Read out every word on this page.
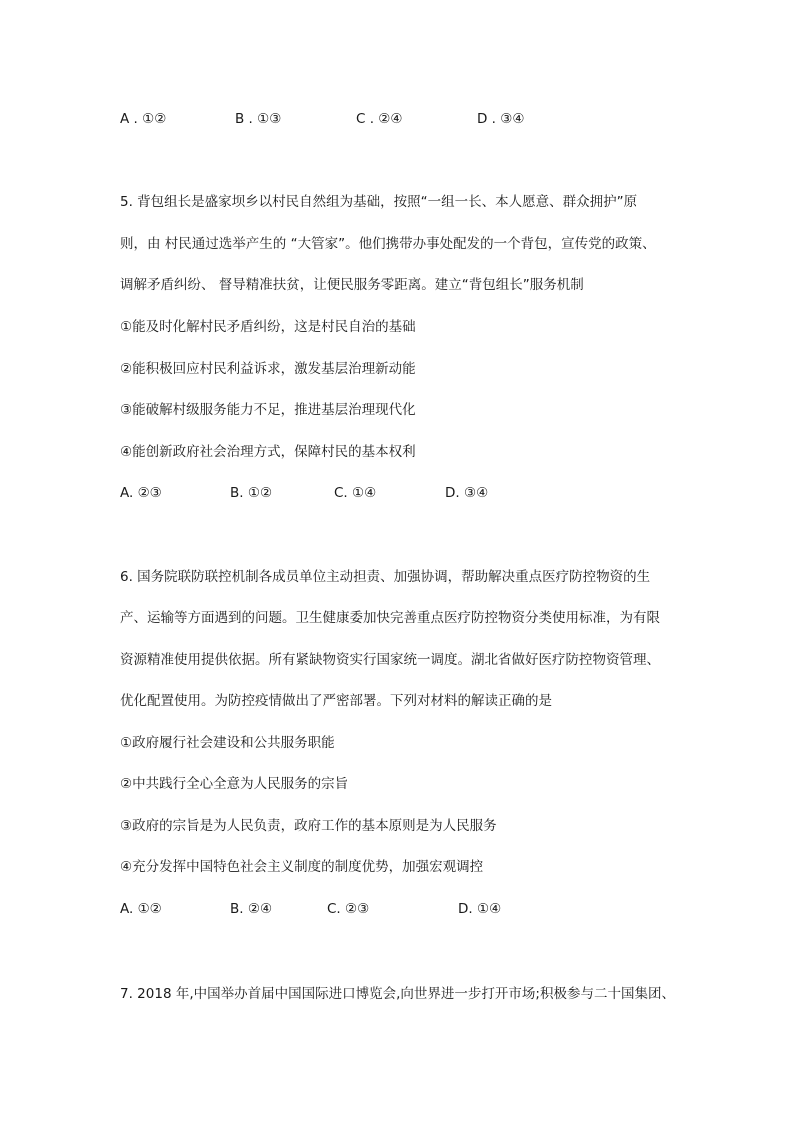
A . ①②	B . ①③	C . ②④	D . ③④
5. 背包组长是盛家坝乡以村民自然组为基础，按照“一组一长、本人愿意、群众拥护”原
则，由 村民通过选举产生的 “大管家”。他们携带办事处配发的一个背包，宣传党的政策、
调解矛盾纠纷、 督导精准扶贫，让便民服务零距离。建立“背包组长”服务机制
①能及时化解村民矛盾纠纷，这是村民自治的基础
②能积极回应村民利益诉求，激发基层治理新动能
③能破解村级服务能力不足，推进基层治理现代化
④能创新政府社会治理方式，保障村民的基本权利
A. ②③	B. ①②	C. ①④	D. ③④
6. 国务院联防联控机制各成员单位主动担责、加强协调，帮助解决重点医疗防控物资的生
产、运输等方面遇到的问题。卫生健康委加快完善重点医疗防控物资分类使用标准，为有限
资源精准使用提供依据。所有紧缺物资实行国家统一调度。湖北省做好医疗防控物资管理、
优化配置使用。为防控疫情做出了严密部署。下列对材料的解读正确的是
①政府履行社会建设和公共服务职能
②中共践行全心全意为人民服务的宗旨
③政府的宗旨是为人民负责，政府工作的基本原则是为人民服务
④充分发挥中国特色社会主义制度的制度优势，加强宏观调控
A. ①②	B. ②④	C. ②③	D. ①④
7. 2018 年,中国举办首届中国国际进口博览会,向世界进一步打开市场;积极参与二十国集团、
